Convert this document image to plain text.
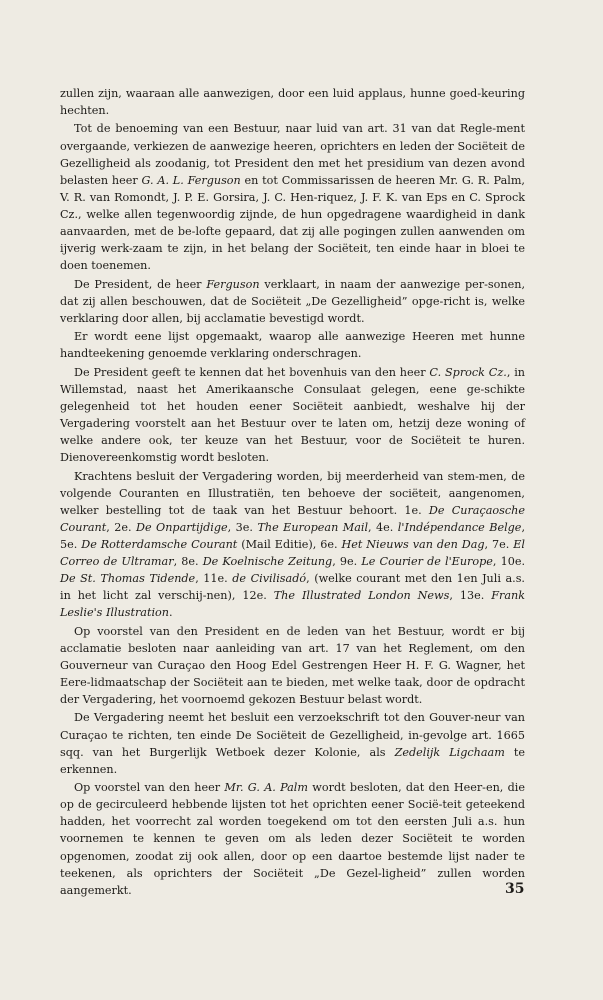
zullen zijn, waaraan alle aanwezigen, door een luid applaus, hunne goed-keuring hechten.

Tot de benoeming van een Bestuur, naar luid van art. 31 van dat Regle-ment overgaande, verkiezen de aanwezige heeren, oprichters en leden der Sociëteit de Gezelligheid als zoodanig, tot President den met het presidium van dezen avond belasten heer G. A. L. Ferguson en tot Commissarissen de heeren Mr. G. R. Palm, V. R. van Romondt, J. P. E. Gorsira, J. C. Hen-riquez, J. F. K. van Eps en C. Sprock Cz., welke allen tegenwoordig zijnde, de hun opgedragene waardigheid in dank aanvaarden, met de be-lofte gepaard, dat zij alle pogingen zullen aanwenden om ijverig werk-zaam te zijn, in het belang der Sociëteit, ten einde haar in bloei te doen toenemen.

De President, de heer Ferguson verklaart, in naam der aanwezige per-sonen, dat zij allen beschouwen, dat de Sociëteit „De Gezelligheid” opge-richt is, welke verklaring door allen, bij acclamatie bevestigd wordt.

Er wordt eene lijst opgemaakt, waarop alle aanwezige Heeren met hunne handteekening genoemde verklaring onderschragen.

De President geeft te kennen dat het bovenhuis van den heer C. Sprock Cz., in Willemstad, naast het Amerikaansche Consulaat gelegen, eene ge-schikte gelegenheid tot het houden eener Sociëteit aanbiedt, weshalve hij der Vergadering voorstelt aan het Bestuur over te laten om, hetzij deze woning of welke andere ook, ter keuze van het Bestuur, voor de Sociëteit te huren. Dienovereenkomstig wordt besloten.

Krachtens besluit der Vergadering worden, bij meerderheid van stem-men, de volgende Couranten en Illustratiën, ten behoeve der sociëteit, aangenomen, welker bestelling tot de taak van het Bestuur behoort. 1e. De Curaçaosche Courant, 2e. De Onpartijdige, 3e. The European Mail, 4e. l'Indépendance Belge, 5e. De Rotterdamsche Courant (Mail Editie), 6e. Het Nieuws van den Dag, 7e. El Correo de Ultramar, 8e. De Koelnische Zeitung, 9e. Le Courier de l'Europe, 10e. De St. Thomas Tidende, 11e. de Civilisadó, (welke courant met den 1en Juli a.s. in het licht zal verschij-nen), 12e. The Illustrated London News, 13e. Frank Leslie's Illustration.

Op voorstel van den President en de leden van het Bestuur, wordt er bij acclamatie besloten naar aanleiding van art. 17 van het Reglement, om den Gouverneur van Curaçao den Hoog Edel Gestrengen Heer H. F. G. Wagner, het Eere-lidmaatschap der Sociëteit aan te bieden, met welke taak, door de opdracht der Vergadering, het voornoemd gekozen Bestuur belast wordt.

De Vergadering neemt het besluit een verzoekschrift tot den Gouver-neur van Curaçao te richten, ten einde De Sociëteit de Gezelligheid, in-gevolge art. 1665 sqq. van het Burgerlijk Wetboek dezer Kolonie, als Zedelijk Ligchaam te erkennen.

Op voorstel van den heer Mr. G. A. Palm wordt besloten, dat den Heer-en, die op de gecirculeerd hebbende lijsten tot het oprichten eener Socië-teit geteekend hadden, het voorrecht zal worden toegekend om tot den eersten Juli a.s. hun voornemen te kennen te geven om als leden dezer Sociëteit te worden opgenomen, zoodat zij ook allen, door op een daartoe bestemde lijst nader te teekenen, als oprichters der Sociëteit „De Gezel-ligheid” zullen worden aangemerkt.	35
